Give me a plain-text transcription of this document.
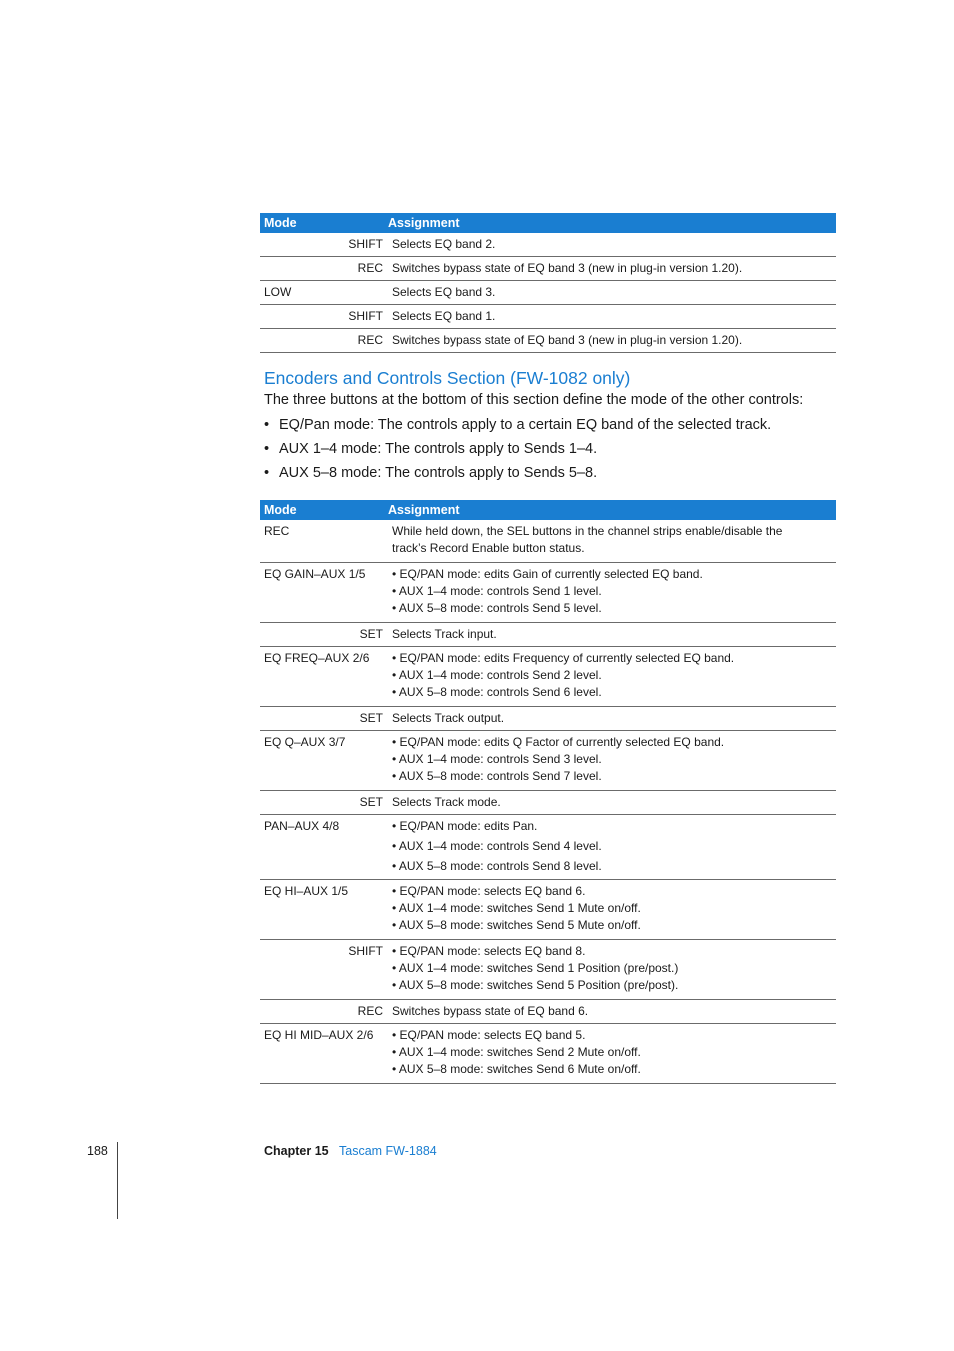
Mode	Assignment
SHIFT Selects EQ band 2.
REC Switches bypass state of EQ band 3 (new in plug-in version 1.20).
LOW	Selects EQ band 3.
SHIFT Selects EQ band 1.
REC Switches bypass state of EQ band 3 (new in plug-in version 1.20).
Encoders and Controls Section (FW-1082 only)

The three buttons at the bottom of this section define the mode of the other controls:

• EQ/Pan mode: The controls apply to a certain EQ band of the selected track.
• AUX 1–4 mode: The controls apply to Sends 1–4.
• AUX 5–8 mode: The controls apply to Sends 5–8.
Mode	Assignment
REC	While held down, the SEL buttons in the channel strips enable/disable the
track’s Record Enable button status.
EQ GAIN–AUX 1/5	• EQ/PAN mode: edits Gain of currently selected EQ band.
• AUX 1–4 mode: controls Send 1 level.
• AUX 5–8 mode: controls Send 5 level.
SET Selects Track input.
EQ FREQ–AUX 2/6	• EQ/PAN mode: edits Frequency of currently selected EQ band.
• AUX 1–4 mode: controls Send 2 level.
• AUX 5–8 mode: controls Send 6 level.
SET Selects Track output.
EQ Q–AUX 3/7	• EQ/PAN mode: edits Q Factor of currently selected EQ band.
• AUX 1–4 mode: controls Send 3 level.
• AUX 5–8 mode: controls Send 7 level.
SET Selects Track mode.
PAN–AUX 4/8	• EQ/PAN mode: edits Pan.
• AUX 1–4 mode: controls Send 4 level.
• AUX 5–8 mode: controls Send 8 level.
EQ HI–AUX 1/5	• EQ/PAN mode: selects EQ band 6.
• AUX 1–4 mode: switches Send 1 Mute on/off.
• AUX 5–8 mode: switches Send 5 Mute on/off.
SHIFT • EQ/PAN mode: selects EQ band 8.
• AUX 1–4 mode: switches Send 1 Position (pre/post.)
• AUX 5–8 mode: switches Send 5 Position (pre/post).
REC Switches bypass state of EQ band 6.
EQ HI MID–AUX 2/6	• EQ/PAN mode: selects EQ band 5.
• AUX 1–4 mode: switches Send 2 Mute on/off.
• AUX 5–8 mode: switches Send 6 Mute on/off.
188	Chapter 15 Tascam FW-1884
